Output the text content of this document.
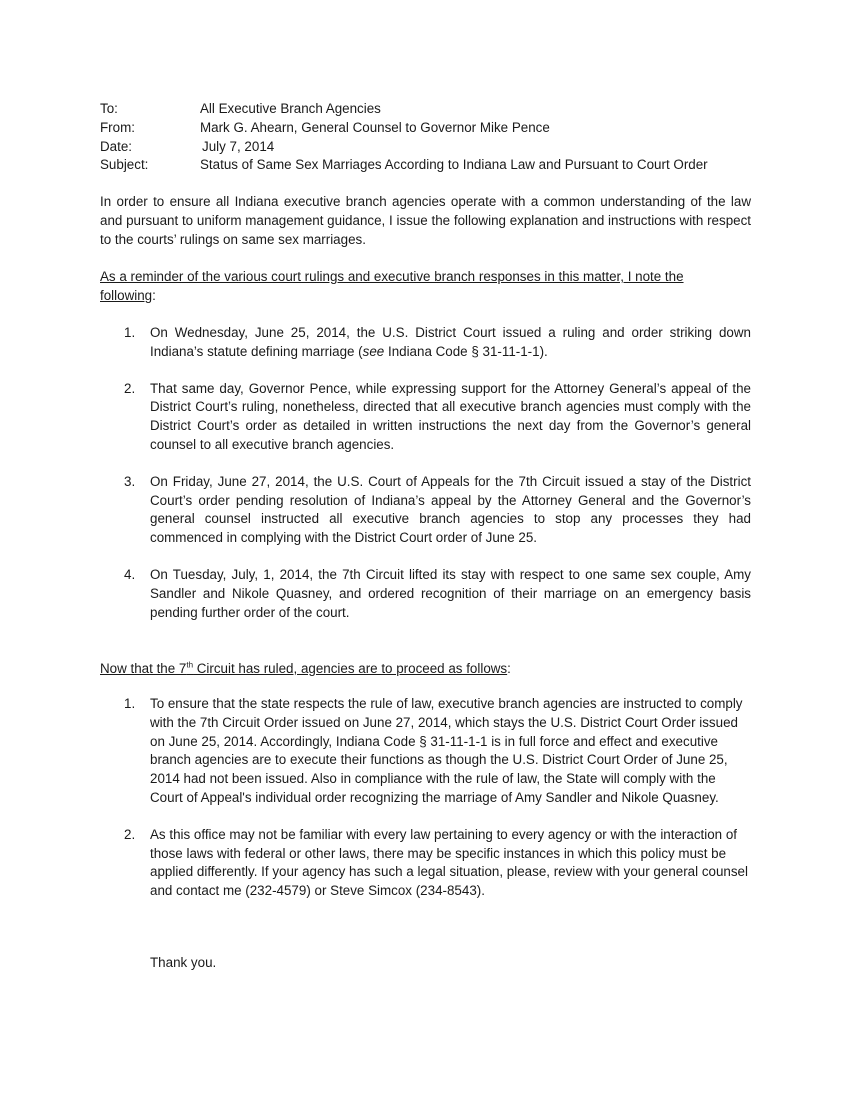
To:	All Executive Branch Agencies
From:	Mark G. Ahearn, General Counsel to Governor Mike Pence
Date:	July 7, 2014
Subject:	Status of Same Sex Marriages According to Indiana Law and Pursuant to Court Order
In order to ensure all Indiana executive branch agencies operate with a common understanding of the law and pursuant to uniform management guidance, I issue the following explanation and instructions with respect to the courts’ rulings on same sex marriages.
As a reminder of the various court rulings and executive branch responses in this matter, I note the following:
1. On Wednesday, June 25, 2014, the U.S. District Court issued a ruling and order striking down Indiana’s statute defining marriage (see Indiana Code § 31-11-1-1).
2. That same day, Governor Pence, while expressing support for the Attorney General’s appeal of the District Court’s ruling, nonetheless, directed that all executive branch agencies must comply with the District Court’s order as detailed in written instructions the next day from the Governor’s general counsel to all executive branch agencies.
3. On Friday, June 27, 2014, the U.S. Court of Appeals for the 7th Circuit issued a stay of the District Court’s order pending resolution of Indiana’s appeal by the Attorney General and the Governor’s general counsel instructed all executive branch agencies to stop any processes they had commenced in complying with the District Court order of June 25.
4. On Tuesday, July, 1, 2014, the 7th Circuit lifted its stay with respect to one same sex couple, Amy Sandler and Nikole Quasney, and ordered recognition of their marriage on an emergency basis pending further order of the court.
Now that the 7th Circuit has ruled, agencies are to proceed as follows:
1. To ensure that the state respects the rule of law, executive branch agencies are instructed to comply with the 7th Circuit Order issued on June 27, 2014, which stays the U.S. District Court Order issued on June 25, 2014. Accordingly, Indiana Code § 31-11-1-1 is in full force and effect and executive branch agencies are to execute their functions as though the U.S. District Court Order of June 25, 2014 had not been issued. Also in compliance with the rule of law, the State will comply with the Court of Appeal's individual order recognizing the marriage of Amy Sandler and Nikole Quasney.
2. As this office may not be familiar with every law pertaining to every agency or with the interaction of those laws with federal or other laws, there may be specific instances in which this policy must be applied differently. If your agency has such a legal situation, please, review with your general counsel and contact me (232-4579) or Steve Simcox (234-8543).
Thank you.
